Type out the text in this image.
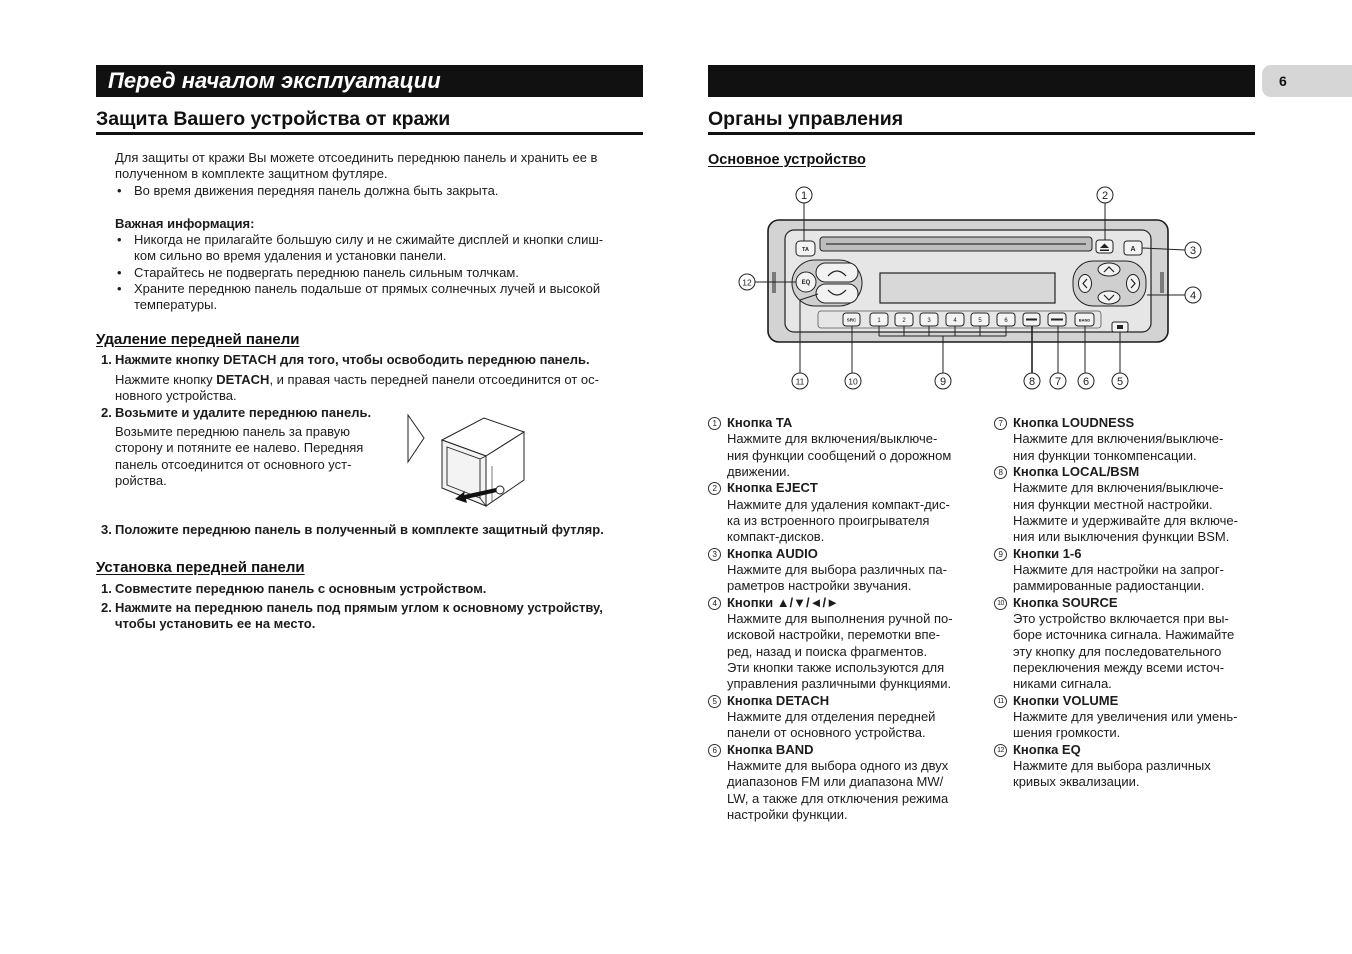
Перед началом эксплуатации	6
Защита Вашего устройства от кражи
Для защиты от кражи Вы можете отсоединить переднюю панель и хранить ее в
полученном в комплекте защитном футляре.
• Во время движения передняя панель должна быть закрыта.
Важная информация:
• Никогда не прилагайте большую силу и не сжимайте дисплей и кнопки слиш-
ком сильно во время удаления и установки панели.
• Старайтесь не подвергать переднюю панель сильным толчкам.
• Храните переднюю панель подальше от прямых солнечных лучей и высокой
температуры.
Удаление передней панели
1. Нажмите кнопку DETACH для того, чтобы освободить переднюю панель.
Нажмите кнопку DETACH, и правая часть передней панели отсоединится от ос-
новного устройства.
2. Возьмите и удалите переднюю панель.
Возьмите переднюю панель за правую
сторону и потяните ее налево. Передняя
панель отсоединится от основного уст-
ройства.
3. Положите переднюю панель в полученный в комплекте защитный футляр.
Установка передней панели
1. Совместите переднюю панель с основным устройством.
2. Нажмите на переднюю панель под прямым углом к основному устройству,
чтобы установить ее на место.
Органы управления
Основное устройство
TA	A
EQ
SRC	1	2	3	4	5	6	BAND
1	2
3
4
5
6
7
8
9
10
11
12
1 Кнопка TA
Нажмите для включения/выключе-
ния функции сообщений о дорожном
движении.
2 Кнопка EJECT
Нажмите для удаления компакт-дис-
ка из встроенного проигрывателя
компакт-дисков.
3 Кнопка AUDIO
Нажмите для выбора различных па-
раметров настройки звучания.
4 Кнопки ▲/▼/◄/►
Нажмите для выполнения ручной по-
исковой настройки, перемотки впе-
ред, назад и поиска фрагментов.
Эти кнопки также используются для
управления различными функциями.
5 Кнопка DETACH
Нажмите для отделения передней
панели от основного устройства.
6 Кнопка BAND
Нажмите для выбора одного из двух
диапазонов FM или диапазона MW/
LW, а также для отключения режима
настройки функции.
7 Кнопка LOUDNESS
Нажмите для включения/выключе-
ния функции тонкомпенсации.
8 Кнопка LOCAL/BSM
Нажмите для включения/выключе-
ния функции местной настройки.
Нажмите и удерживайте для включе-
ния или выключения функции BSM.
9 Кнопки 1-6
Нажмите для настройки на запрог-
раммированные радиостанции.
10 Кнопка SOURCE
Это устройство включается при вы-
боре источника сигнала. Нажимайте
эту кнопку для последовательного
переключения между всеми источ-
никами сигнала.
11 Кнопки VOLUME
Нажмите для увеличения или умень-
шения громкости.
12 Кнопка EQ
Нажмите для выбора различных
кривых эквализации.
